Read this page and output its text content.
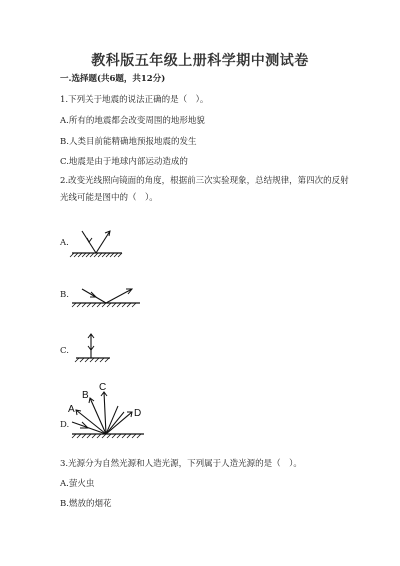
教科版五年级上册科学期中测试卷
一.选择题(共6题，共12分)
1.下列关于地震的说法正确的是（　）。
A.所有的地震都会改变周围的地形地貌
B.人类目前能精确地预报地震的发生
C.地震是由于地球内部运动造成的
2.改变光线照向镜面的角度，根据前三次实验现象，总结规律，第四次的反射
光线可能是图中的（　）。
A.
B.
C.
D.
A
B
C
D
3.光源分为自然光源和人造光源，下列属于人造光源的是（　）。
A.萤火虫
B.燃放的烟花
